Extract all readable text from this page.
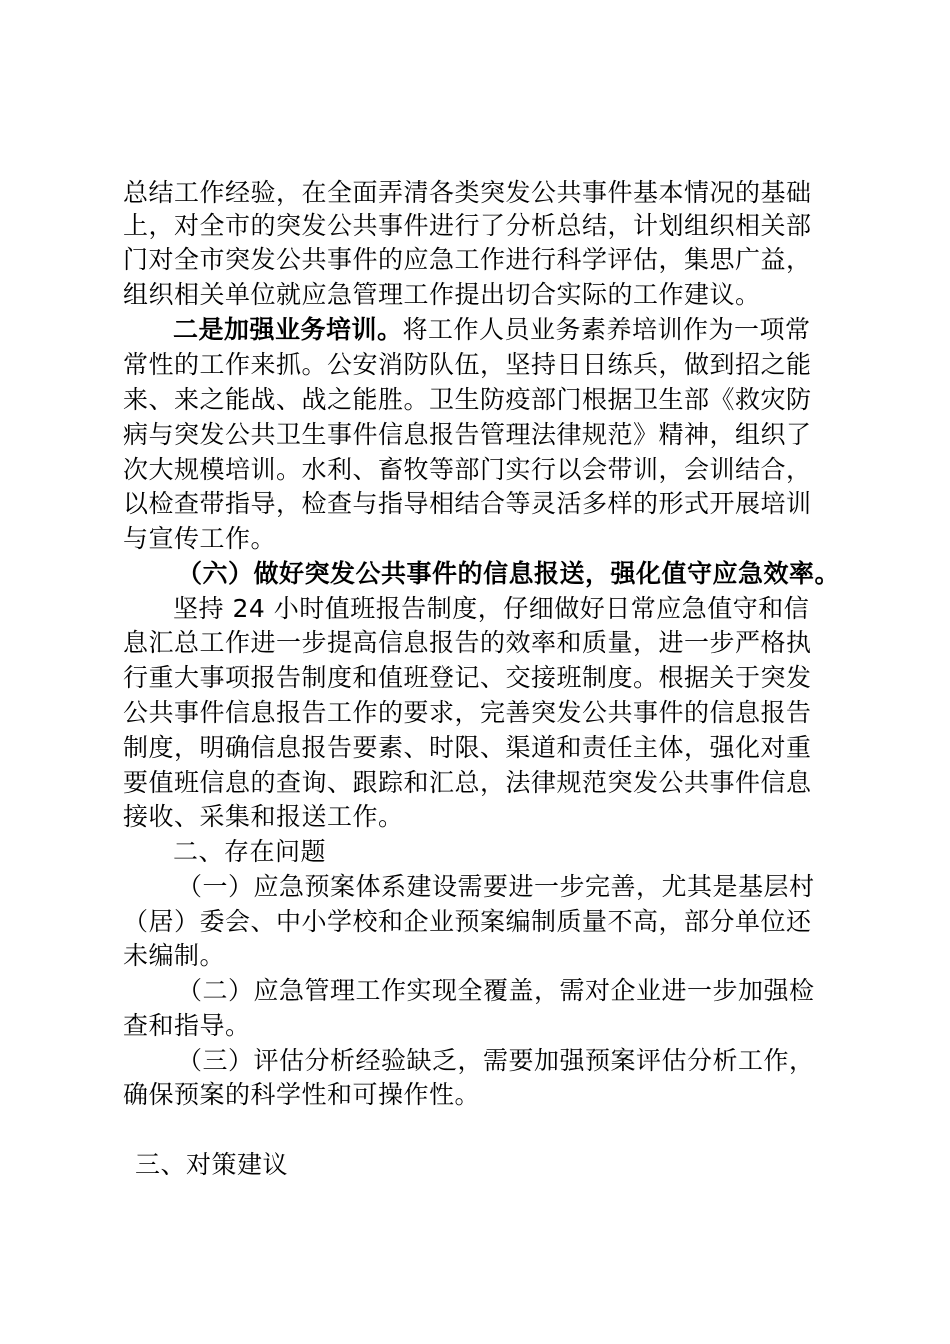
总结工作经验，在全面弄清各类突发公共事件基本情况的基础
上，对全市的突发公共事件进行了分析总结，计划组织相关部
门对全市突发公共事件的应急工作进行科学评估，集思广益，
组织相关单位就应急管理工作提出切合实际的工作建议。
二是加强业务培训。将工作人员业务素养培训作为一项常
常性的工作来抓。公安消防队伍，坚持日日练兵，做到招之能
来、来之能战、战之能胜。卫生防疫部门根据卫生部《救灾防
病与突发公共卫生事件信息报告管理法律规范》精神，组织了
次大规模培训。水利、畜牧等部门实行以会带训，会训结合，
以检查带指导，检查与指导相结合等灵活多样的形式开展培训
与宣传工作。
（六）做好突发公共事件的信息报送，强化值守应急效率。
坚持 24 小时值班报告制度，仔细做好日常应急值守和信
息汇总工作进一步提高信息报告的效率和质量，进一步严格执
行重大事项报告制度和值班登记、交接班制度。根据关于突发
公共事件信息报告工作的要求，完善突发公共事件的信息报告
制度，明确信息报告要素、时限、渠道和责任主体，强化对重
要值班信息的查询、跟踪和汇总，法律规范突发公共事件信息
接收、采集和报送工作。
二、存在问题
（一）应急预案体系建设需要进一步完善，尤其是基层村
（居）委会、中小学校和企业预案编制质量不高，部分单位还
未编制。
（二）应急管理工作实现全覆盖，需对企业进一步加强检
查和指导。
（三）评估分析经验缺乏，需要加强预案评估分析工作，
确保预案的科学性和可操作性。
三、对策建议
